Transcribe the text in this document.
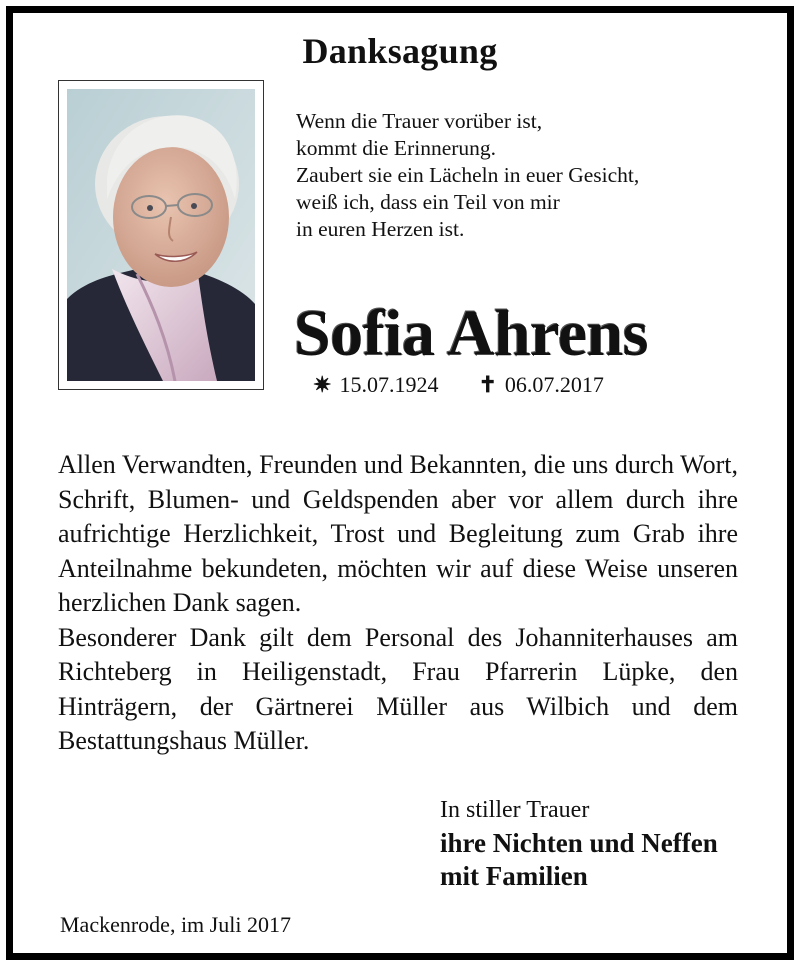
Danksagung
Wenn die Trauer vorüber ist,
kommt die Erinnerung.
Zaubert sie ein Lächeln in euer Gesicht,
weiß ich, dass ein Teil von mir
in euren Herzen ist.
Sofia Ahrens
✷ 15.07.1924 ✝ 06.07.2017

Allen Verwandten, Freunden und Bekannten, die uns durch Wort, Schrift, Blumen- und Geldspenden aber vor allem durch ihre aufrichtige Herzlichkeit, Trost und Begleitung zum Grab ihre Anteilnahme bekundeten, möchten wir auf diese Weise unseren herzlichen Dank sagen.

Besonderer Dank gilt dem Personal des Johanniterhauses am Richteberg in Heiligenstadt, Frau Pfarrerin Lüpke, den Hinträgern, der Gärtnerei Müller aus Wilbich und dem Bestattungshaus Müller.

In stiller Trauer
ihre Nichten und Neffen
mit Familien
Mackenrode, im Juli 2017
